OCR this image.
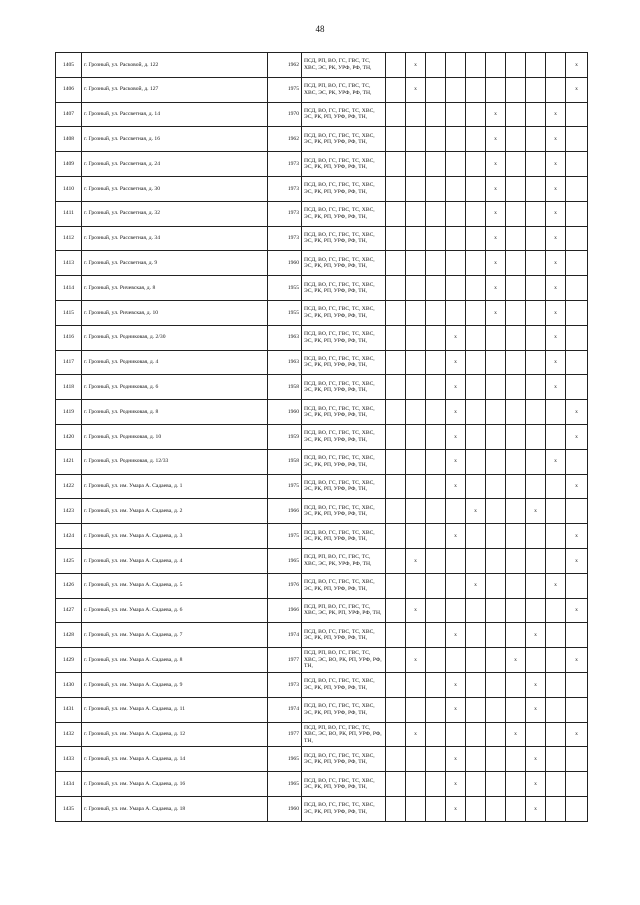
48
1405	г. Грозный, ул. Расковой, д. 122	1962	ПСД, РП, ВО, ГС, ГВС, ТС, ХВС, ЭС, РК, УРФ, РФ, ТН,		x								x
1406	г. Грозный, ул. Расковой, д. 127	1975	ПСД, РП, ВО, ГС, ГВС, ТС, ХВС, ЭС, РК, УРФ, РФ, ТН,		x								x
1407	г. Грозный, ул. Рассветная, д. 14	1970	ПСД, ВО, ГС, ГВС, ТС, ХВС, ЭС, РК, РП, УРФ, РФ, ТН,						x			x	
1408	г. Грозный, ул. Рассветная, д. 16	1962	ПСД, ВО, ГС, ГВС, ТС, ХВС, ЭС, РК, РП, УРФ, РФ, ТН,						x			x	
1409	г. Грозный, ул. Рассветная, д. 24	1973	ПСД, ВО, ГС, ГВС, ТС, ХВС, ЭС, РК, РП, УРФ, РФ, ТН,						x			x	
1410	г. Грозный, ул. Рассветная, д. 30	1973	ПСД, ВО, ГС, ГВС, ТС, ХВС, ЭС, РК, РП, УРФ, РФ, ТН,						x			x	
1411	г. Грозный, ул. Рассветная, д. 32	1973	ПСД, ВО, ГС, ГВС, ТС, ХВС, ЭС, РК, РП, УРФ, РФ, ТН,						x			x	
1412	г. Грозный, ул. Рассветная, д. 34	1973	ПСД, ВО, ГС, ГВС, ТС, ХВС, ЭС, РК, РП, УРФ, РФ, ТН,						x			x	
1413	г. Грозный, ул. Рассветная, д. 9	1960	ПСД, ВО, ГС, ГВС, ТС, ХВС, ЭС, РК, РП, УРФ, РФ, ТН,						x			x	
1414	г. Грозный, ул. Ричевская, д. 8	1955	ПСД, ВО, ГС, ГВС, ТС, ХВС, ЭС, РК, РП, УРФ, РФ, ТН,						x			x	
1415	г. Грозный, ул. Ричевская, д. 10	1955	ПСД, ВО, ГС, ГВС, ТС, ХВС, ЭС, РК, РП, УРФ, РФ, ТН,						x			x	
1416	г. Грозный, ул. Родниковая, д. 2/30	1963	ПСД, ВО, ГС, ГВС, ТС, ХВС, ЭС, РК, РП, УРФ, РФ, ТН,				x					x	
1417	г. Грозный, ул. Родниковая, д. 4	1963	ПСД, ВО, ГС, ГВС, ТС, ХВС, ЭС, РК, РП, УРФ, РФ, ТН,				x					x	
1418	г. Грозный, ул. Родниковая, д. 6	1958	ПСД, ВО, ГС, ГВС, ТС, ХВС, ЭС, РК, РП, УРФ, РФ, ТН,				x					x	
1419	г. Грозный, ул. Родниковая, д. 8	1960	ПСД, ВО, ГС, ГВС, ТС, ХВС, ЭС, РК, РП, УРФ, РФ, ТН,				x						x
1420	г. Грозный, ул. Родниковая, д. 10	1959	ПСД, ВО, ГС, ГВС, ТС, ХВС, ЭС, РК, РП, УРФ, РФ, ТН,				x						x
1421	г. Грозный, ул. Родниковая, д. 12/33	1958	ПСД, ВО, ГС, ГВС, ТС, ХВС, ЭС, РК, РП, УРФ, РФ, ТН,				x					x	
1422	г. Грозный, ул. им. Умара А. Садаева, д. 1	1975	ПСД, ВО, ГС, ГВС, ТС, ХВС, ЭС, РК, РП, УРФ, РФ, ТН,				x						x
1423	г. Грозный, ул. им. Умара А. Садаева, д. 2	1966	ПСД, ВО, ГС, ГВС, ТС, ХВС, ЭС, РК, РП, УРФ, РФ, ТН,					x			x		
1424	г. Грозный, ул. им. Умара А. Садаева, д. 3	1975	ПСД, ВО, ГС, ГВС, ТС, ХВС, ЭС, РК, РП, УРФ, РФ, ТН,				x						x
1425	г. Грозный, ул. им. Умара А. Садаева, д. 4	1965	ПСД, РП, ВО, ГС, ГВС, ТС, ХВС, ЭС, РК, УРФ, РФ, ТН,		x								x
1426	г. Грозный, ул. им. Умара А. Садаева, д. 5	1976	ПСД, ВО, ГС, ГВС, ТС, ХВС, ЭС, РК, РП, УРФ, РФ, ТН,					x				x	
1427	г. Грозный, ул. им. Умара А. Садаева, д. 6	1966	ПСД, РП, ВО, ГС, ГВС, ТС, ХВС, ЭС, РК, РП, УРФ, РФ, ТН,		x								x
1428	г. Грозный, ул. им. Умара А. Садаева, д. 7	1974	ПСД, ВО, ГС, ГВС, ТС, ХВС, ЭС, РК, РП, УРФ, РФ, ТН,				x				x		
1429	г. Грозный, ул. им. Умара А. Садаева, д. 8	1977	ПСД, РП, ВО, ГС, ГВС, ТС, ХВС, ЭС, ВО, РК, РП, УРФ, РФ, ТН,		x					x			x
1430	г. Грозный, ул. им. Умара А. Садаева, д. 9	1973	ПСД, ВО, ГС, ГВС, ТС, ХВС, ЭС, РК, РП, УРФ, РФ, ТН,				x				x		
1431	г. Грозный, ул. им. Умара А. Садаева, д. 11	1974	ПСД, ВО, ГС, ГВС, ТС, ХВС, ЭС, РК, РП, УРФ, РФ, ТН,				x				x		
1432	г. Грозный, ул. им. Умара А. Садаева, д. 12	1977	ПСД, РП, ВО, ГС, ГВС, ТС, ХВС, ЭС, ВО, РК, РП, УРФ, РФ, ТН,		x					x			x
1433	г. Грозный, ул. им. Умара А. Садаева, д. 14	1965	ПСД, ВО, ГС, ГВС, ТС, ХВС, ЭС, РК, РП, УРФ, РФ, ТН,				x				x		
1434	г. Грозный, ул. им. Умара А. Садаева, д. 16	1965	ПСД, ВО, ГС, ГВС, ТС, ХВС, ЭС, РК, РП, УРФ, РФ, ТН,				x				x		
1435	г. Грозный, ул. им. Умара А. Садаева, д. 18	1960	ПСД, ВО, ГС, ГВС, ТС, ХВС, ЭС, РК, РП, УРФ, РФ, ТН,				x				x		
